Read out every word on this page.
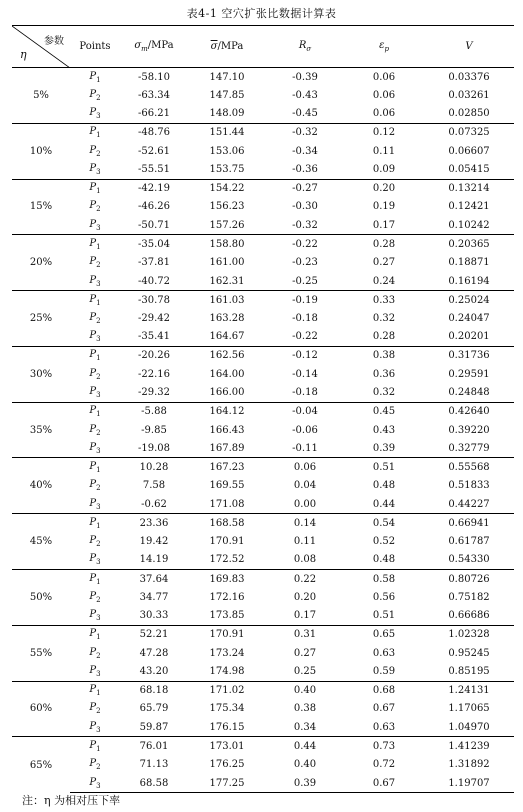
表4-1 空穴扩张比数据计算表
参数
η	Points	$\sigma_m$/MPa	$\overline{\sigma}$/MPa	$R_\sigma$	$\varepsilon_p$	V
5%	$P_1$	-58.10	147.10	-0.39	0.06	0.03376
	$P_2$	-63.34	147.85	-0.43	0.06	0.03261
	$P_3$	-66.21	148.09	-0.45	0.06	0.02850
10%	$P_1$	-48.76	151.44	-0.32	0.12	0.07325
	$P_2$	-52.61	153.06	-0.34	0.11	0.06607
	$P_3$	-55.51	153.75	-0.36	0.09	0.05415
15%	$P_1$	-42.19	154.22	-0.27	0.20	0.13214
	$P_2$	-46.26	156.23	-0.30	0.19	0.12421
	$P_3$	-50.71	157.26	-0.32	0.17	0.10242
20%	$P_1$	-35.04	158.80	-0.22	0.28	0.20365
	$P_2$	-37.81	161.00	-0.23	0.27	0.18871
	$P_3$	-40.72	162.31	-0.25	0.24	0.16194
25%	$P_1$	-30.78	161.03	-0.19	0.33	0.25024
	$P_2$	-29.42	163.28	-0.18	0.32	0.24047
	$P_3$	-35.41	164.67	-0.22	0.28	0.20201
30%	$P_1$	-20.26	162.56	-0.12	0.38	0.31736
	$P_2$	-22.16	164.00	-0.14	0.36	0.29591
	$P_3$	-29.32	166.00	-0.18	0.32	0.24848
35%	$P_1$	-5.88	164.12	-0.04	0.45	0.42640
	$P_2$	-9.85	166.43	-0.06	0.43	0.39220
	$P_3$	-19.08	167.89	-0.11	0.39	0.32779
40%	$P_1$	10.28	167.23	0.06	0.51	0.55568
	$P_2$	7.58	169.55	0.04	0.48	0.51833
	$P_3$	-0.62	171.08	0.00	0.44	0.44227
45%	$P_1$	23.36	168.58	0.14	0.54	0.66941
	$P_2$	19.42	170.91	0.11	0.52	0.61787
	$P_3$	14.19	172.52	0.08	0.48	0.54330
50%	$P_1$	37.64	169.83	0.22	0.58	0.80726
	$P_2$	34.77	172.16	0.20	0.56	0.75182
	$P_3$	30.33	173.85	0.17	0.51	0.66686
55%	$P_1$	52.21	170.91	0.31	0.65	1.02328
	$P_2$	47.28	173.24	0.27	0.63	0.95245
	$P_3$	43.20	174.98	0.25	0.59	0.85195
60%	$P_1$	68.18	171.02	0.40	0.68	1.24131
	$P_2$	65.79	175.34	0.38	0.67	1.17065
	$P_3$	59.87	176.15	0.34	0.63	1.04970
65%	$P_1$	76.01	173.01	0.44	0.73	1.41239
	$P_2$	71.13	176.25	0.40	0.72	1.31892
	$P_3$	68.58	177.25	0.39	0.67	1.19707
注：η 为相对压下率
